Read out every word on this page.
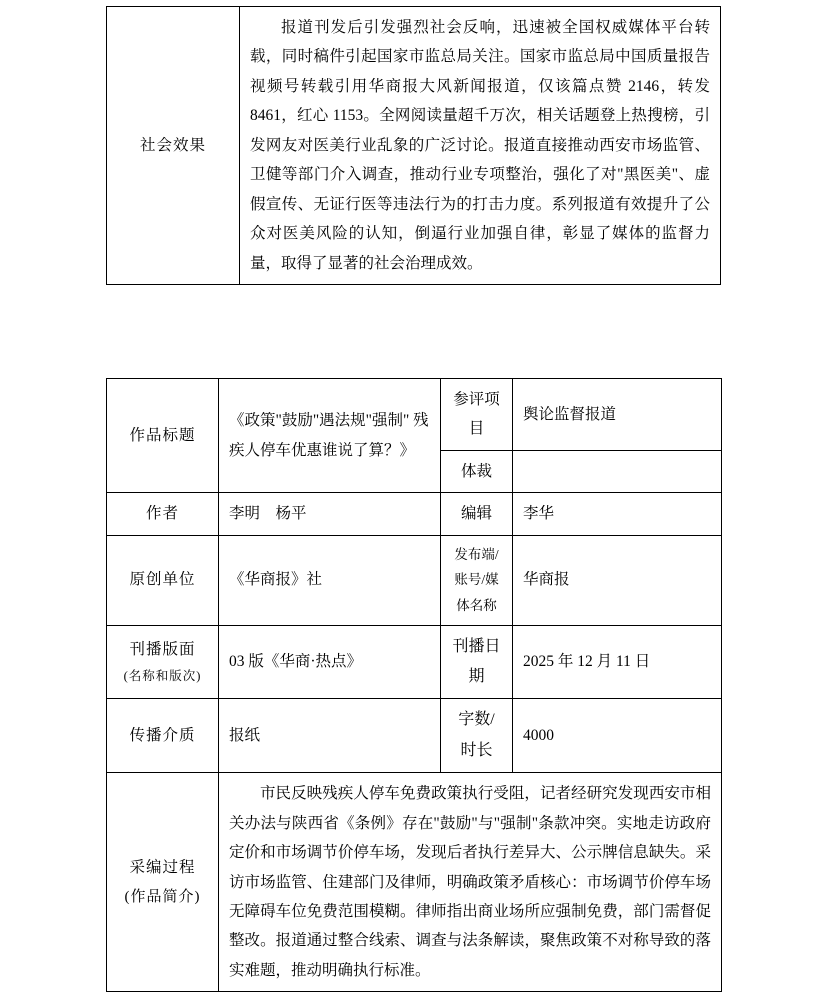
社会效果	报道刊发后引发强烈社会反响，迅速被全国权威媒体平台转载，同时稿件引起国家市监总局关注。国家市监总局中国质量报告视频号转载引用华商报大风新闻报道，仅该篇点赞 2146，转发 8461，红心 1153。全网阅读量超千万次，相关话题登上热搜榜，引发网友对医美行业乱象的广泛讨论。报道直接推动西安市场监管、卫健等部门介入调查，推动行业专项整治，强化了对"黑医美"、虚假宣传、无证行医等违法行为的打击力度。系列报道有效提升了公众对医美风险的认知，倒逼行业加强自律，彰显了媒体的监督力量，取得了显著的社会治理成效。
作品标题	《政策"鼓励"遇法规"强制" 残
疾人停车优惠谁说了算？》	参评项目	舆论监督报道
		体裁	
作者	李明　杨平	编辑	李华
原创单位	《华商报》社	发布端/账号/媒体名称	华商报
刊播版面
(名称和版次)	03 版《华商·热点》	刊播日期	2025 年 12 月 11 日
传播介质	报纸	字数/时长	4000
采编过程
(作品简介)	市民反映残疾人停车免费政策执行受阻，记者经研究发现西安市相关办法与陕西省《条例》存在"鼓励"与"强制"条款冲突。实地走访政府定价和市场调节价停车场，发现后者执行差异大、公示牌信息缺失。采访市场监管、住建部门及律师，明确政策矛盾核心：市场调节价停车场无障碍车位免费范围模糊。律师指出商业场所应强制免费，部门需督促整改。报道通过整合线索、调查与法条解读，聚焦政策不对称导致的落实难题，推动明确执行标准。		
